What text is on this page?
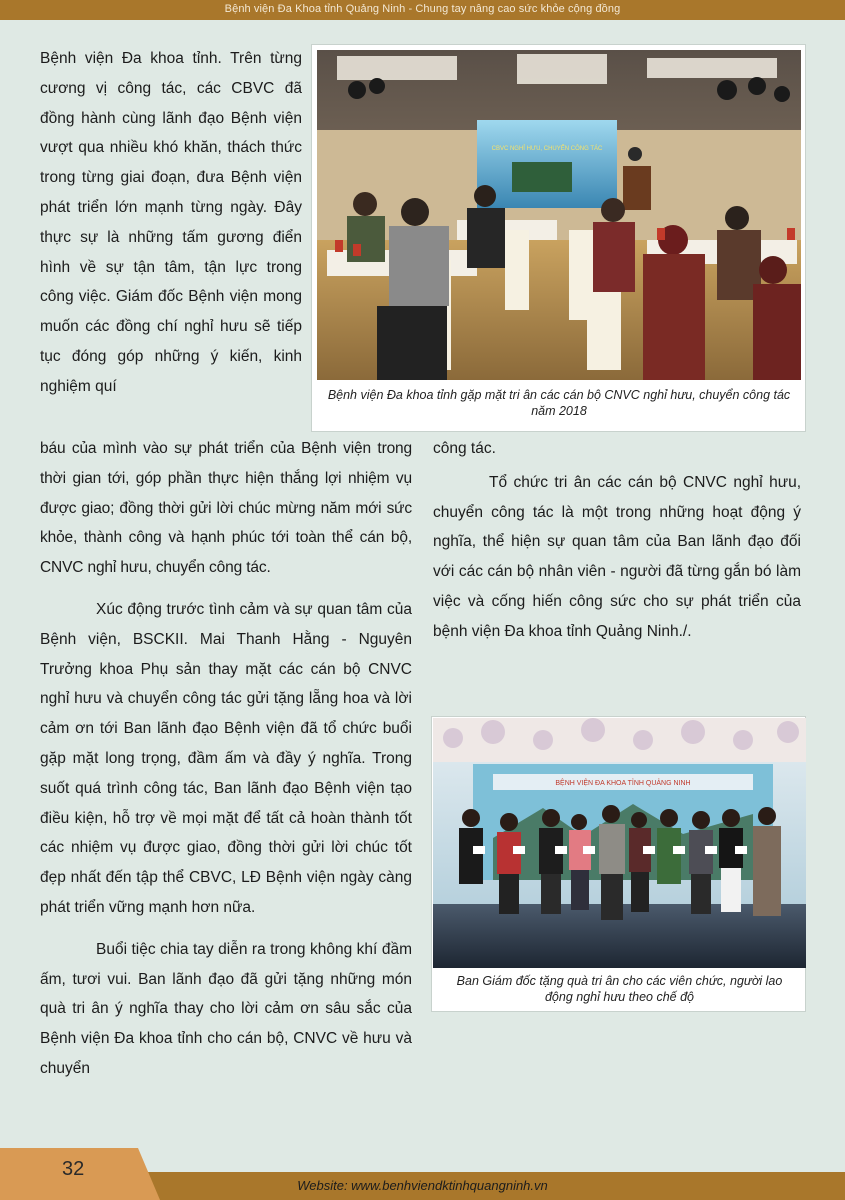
Bệnh viện Đa Khoa tỉnh Quảng Ninh - Chung tay nâng cao sức khỏe cộng đồng

Bệnh viện Đa khoa tỉnh. Trên từng cương vị công tác, các CBVC đã đồng hành cùng lãnh đạo Bệnh viện vượt qua nhiều khó khăn, thách thức trong từng giai đoạn, đưa Bệnh viện phát triển lớn mạnh từng ngày. Đây thực sự là những tấm gương điển hình về sự tận tâm, tận lực trong công việc. Giám đốc Bệnh viện mong muốn các đồng chí nghỉ hưu sẽ tiếp tục đóng góp những ý kiến, kinh nghiệm quí

CBVC NGHỈ HƯU, CHUYỂN CÔNG TÁC
Bệnh viện Đa khoa tỉnh gặp mặt tri ân các cán bộ CNVC nghỉ hưu, chuyển công tác năm 2018

báu của mình vào sự phát triển của Bệnh viện trong thời gian tới, góp phần thực hiện thắng lợi nhiệm vụ được giao; đồng thời gửi lời chúc mừng năm mới sức khỏe, thành công và hạnh phúc tới toàn thể cán bộ, CNVC nghỉ hưu, chuyển công tác.

Xúc động trước tình cảm và sự quan tâm của Bệnh viện, BSCKII. Mai Thanh Hằng - Nguyên Trưởng khoa Phụ sản thay mặt các cán bộ CNVC nghỉ hưu và chuyển công tác gửi tặng lẵng hoa và lời cảm ơn tới Ban lãnh đạo Bệnh viện đã tổ chức buổi gặp mặt long trọng, đầm ấm và đầy ý nghĩa. Trong suốt quá trình công tác, Ban lãnh đạo Bệnh viện tạo điều kiện, hỗ trợ về mọi mặt để tất cả hoàn thành tốt các nhiệm vụ được giao, đồng thời gửi lời chúc tốt đẹp nhất đến tập thể CBVC, LĐ Bệnh viện ngày càng phát triển vững mạnh hơn nữa.

Buổi tiệc chia tay diễn ra trong không khí đầm ấm, tươi vui. Ban lãnh đạo đã gửi tặng những món quà tri ân ý nghĩa thay cho lời cảm ơn sâu sắc của Bệnh viện Đa khoa tỉnh cho cán bộ, CNVC về hưu và chuyển

công tác.

Tổ chức tri ân các cán bộ CNVC nghỉ hưu, chuyển công tác là một trong những hoạt động ý nghĩa, thể hiện sự quan tâm của Ban lãnh đạo đối với các cán bộ nhân viên - người đã từng gắn bó làm việc và cống hiến công sức cho sự phát triển của bệnh viện Đa khoa tỉnh Quảng Ninh./.

BỆNH VIỆN ĐA KHOA TỈNH QUẢNG NINH
Ban Giám đốc tặng quà tri ân cho các viên chức, người lao động nghỉ hưu theo chế độ
32
Website: www.benhviendktinhquangninh.vn
